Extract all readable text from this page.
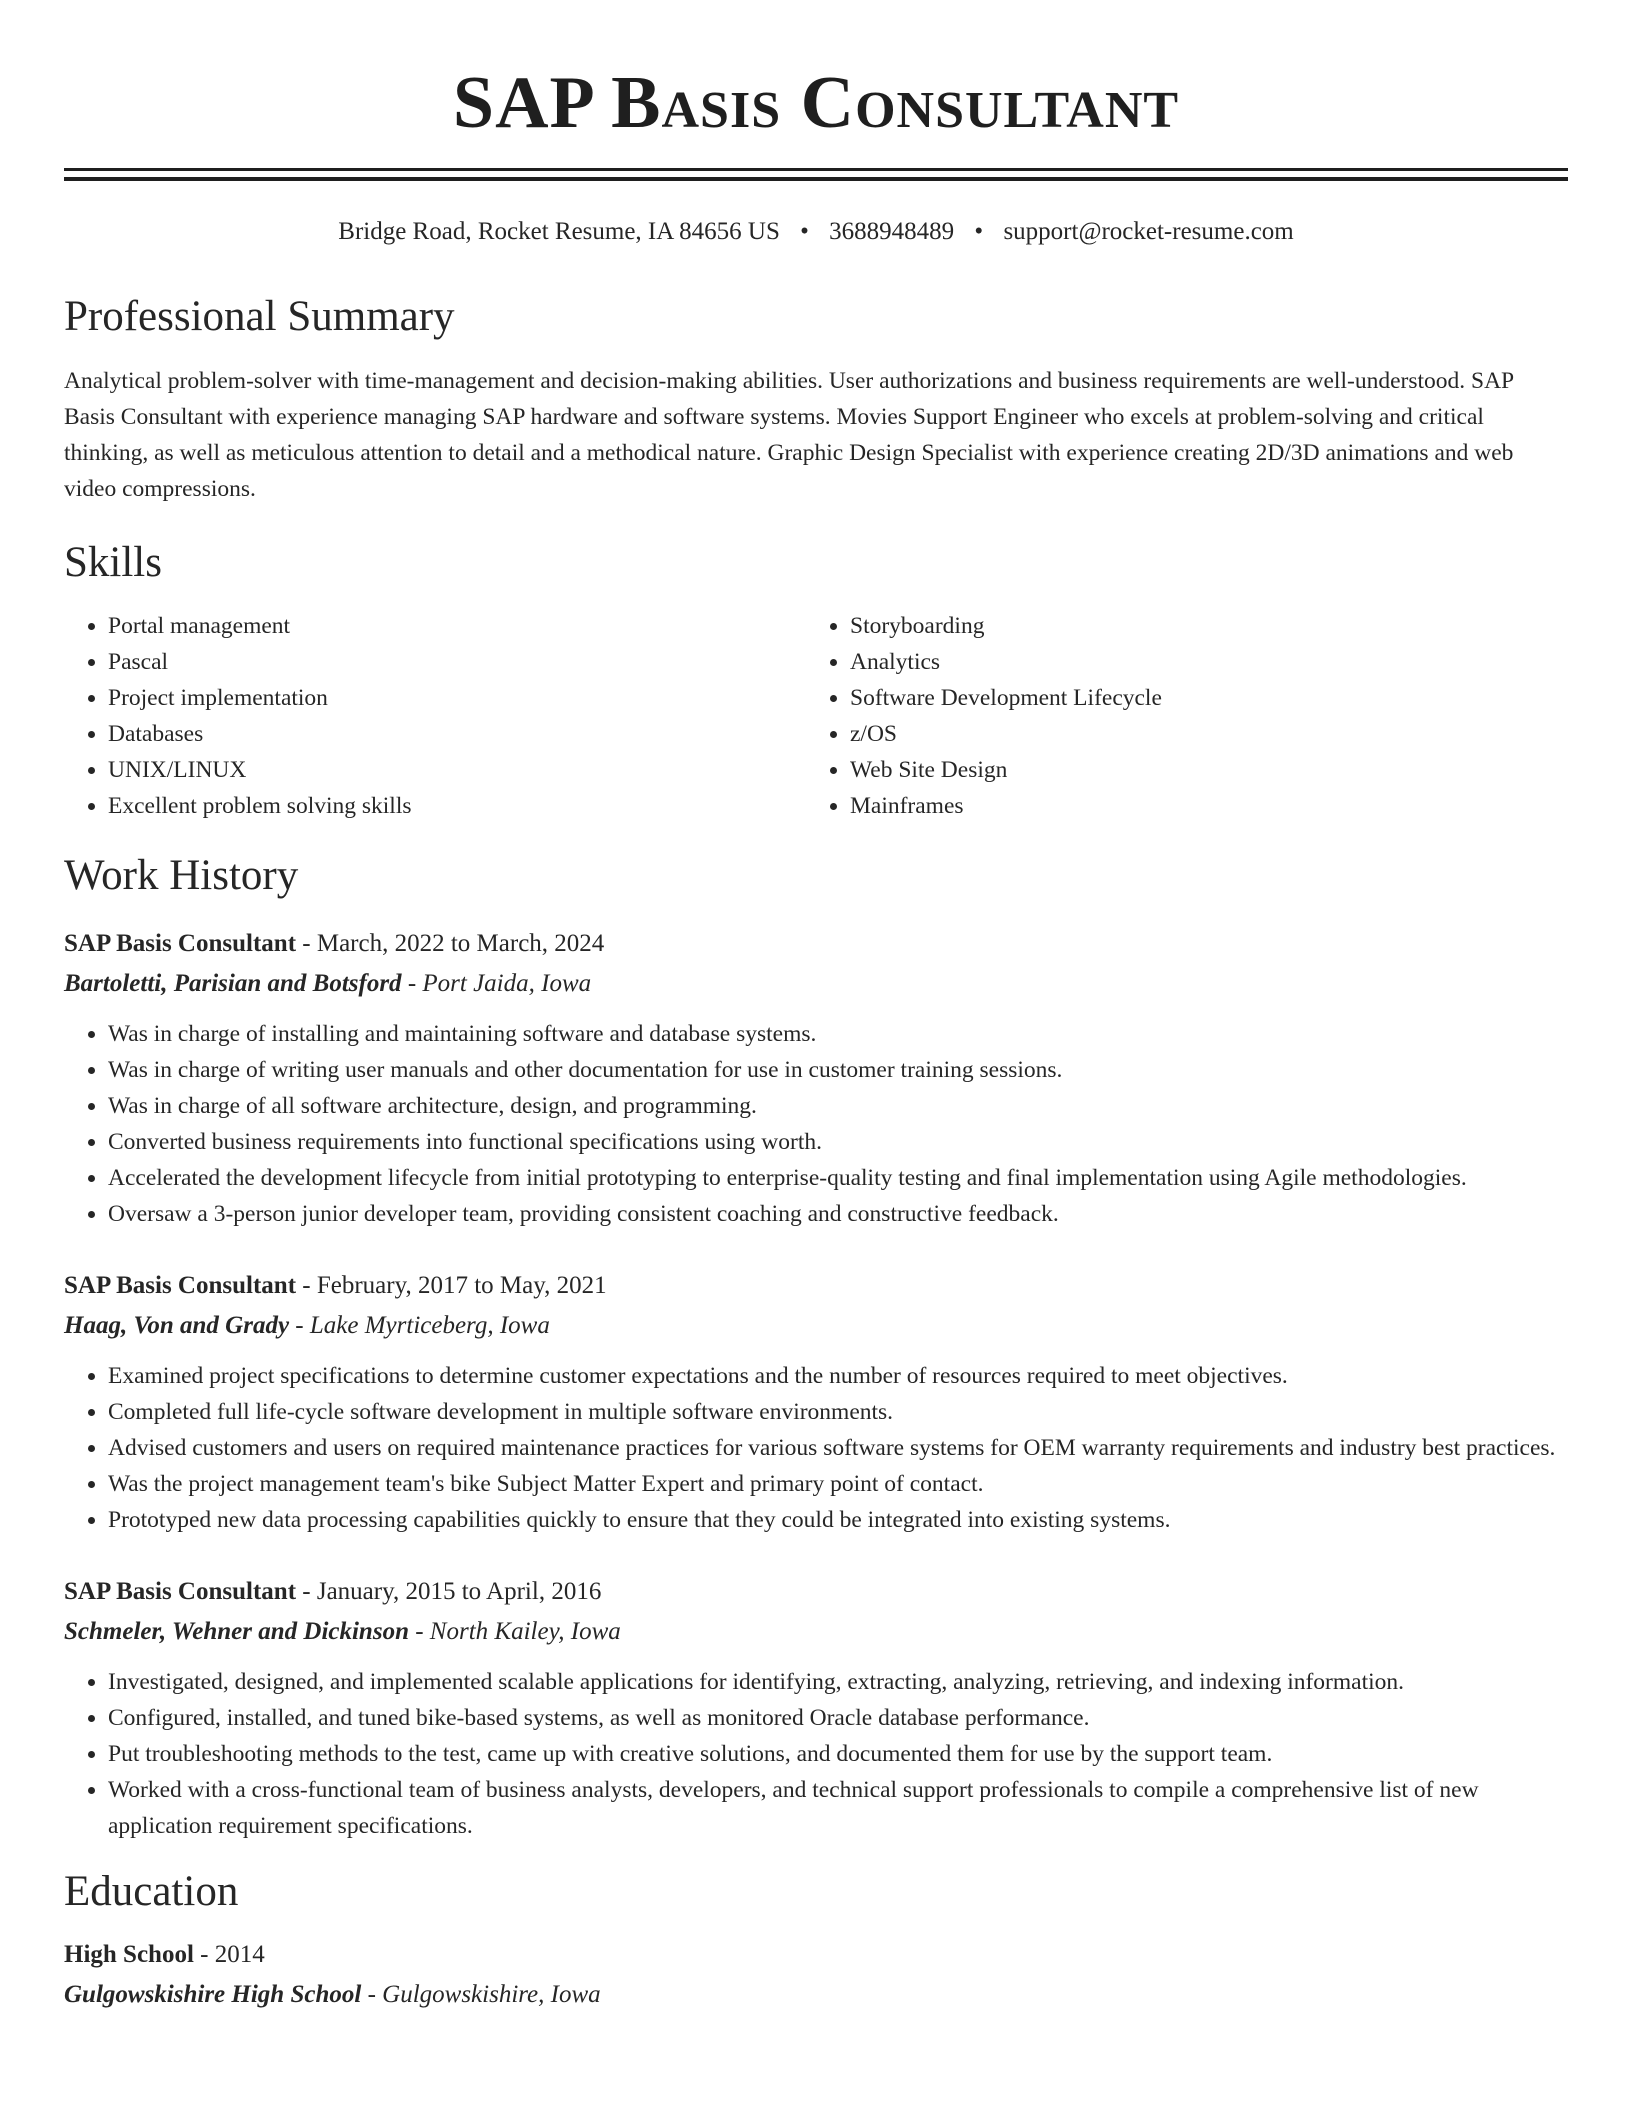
SAP Basis Consultant
Bridge Road, Rocket Resume, IA 84656 US • 3688948489 • support@rocket-resume.com
Professional Summary

Analytical problem-solver with time-management and decision-making abilities. User authorizations and business requirements are well-understood. SAP Basis Consultant with experience managing SAP hardware and software systems. Movies Support Engineer who excels at problem-solving and critical thinking, as well as meticulous attention to detail and a methodical nature. Graphic Design Specialist with experience creating 2D/3D animations and web video compressions.

Skills
• Portal management
• Pascal
• Project implementation
• Databases
• UNIX/LINUX
• Excellent problem solving skills
• Storyboarding
• Analytics
• Software Development Lifecycle
• z/OS
• Web Site Design
• Mainframes
Work History
SAP Basis Consultant - March, 2022 to March, 2024
Bartoletti, Parisian and Botsford - Port Jaida, Iowa
• Was in charge of installing and maintaining software and database systems.
• Was in charge of writing user manuals and other documentation for use in customer training sessions.
• Was in charge of all software architecture, design, and programming.
• Converted business requirements into functional specifications using worth.
• Accelerated the development lifecycle from initial prototyping to enterprise-quality testing and final implementation using Agile methodologies.
• Oversaw a 3-person junior developer team, providing consistent coaching and constructive feedback.
SAP Basis Consultant - February, 2017 to May, 2021
Haag, Von and Grady - Lake Myrticeberg, Iowa
• Examined project specifications to determine customer expectations and the number of resources required to meet objectives.
• Completed full life-cycle software development in multiple software environments.
• Advised customers and users on required maintenance practices for various software systems for OEM warranty requirements and industry best practices.
• Was the project management team's bike Subject Matter Expert and primary point of contact.
• Prototyped new data processing capabilities quickly to ensure that they could be integrated into existing systems.
SAP Basis Consultant - January, 2015 to April, 2016
Schmeler, Wehner and Dickinson - North Kailey, Iowa
• Investigated, designed, and implemented scalable applications for identifying, extracting, analyzing, retrieving, and indexing information.
• Configured, installed, and tuned bike-based systems, as well as monitored Oracle database performance.
• Put troubleshooting methods to the test, came up with creative solutions, and documented them for use by the support team.
• Worked with a cross-functional team of business analysts, developers, and technical support professionals to compile a comprehensive list of new application requirement specifications.
Education
High School - 2014
Gulgowskishire High School - Gulgowskishire, Iowa
